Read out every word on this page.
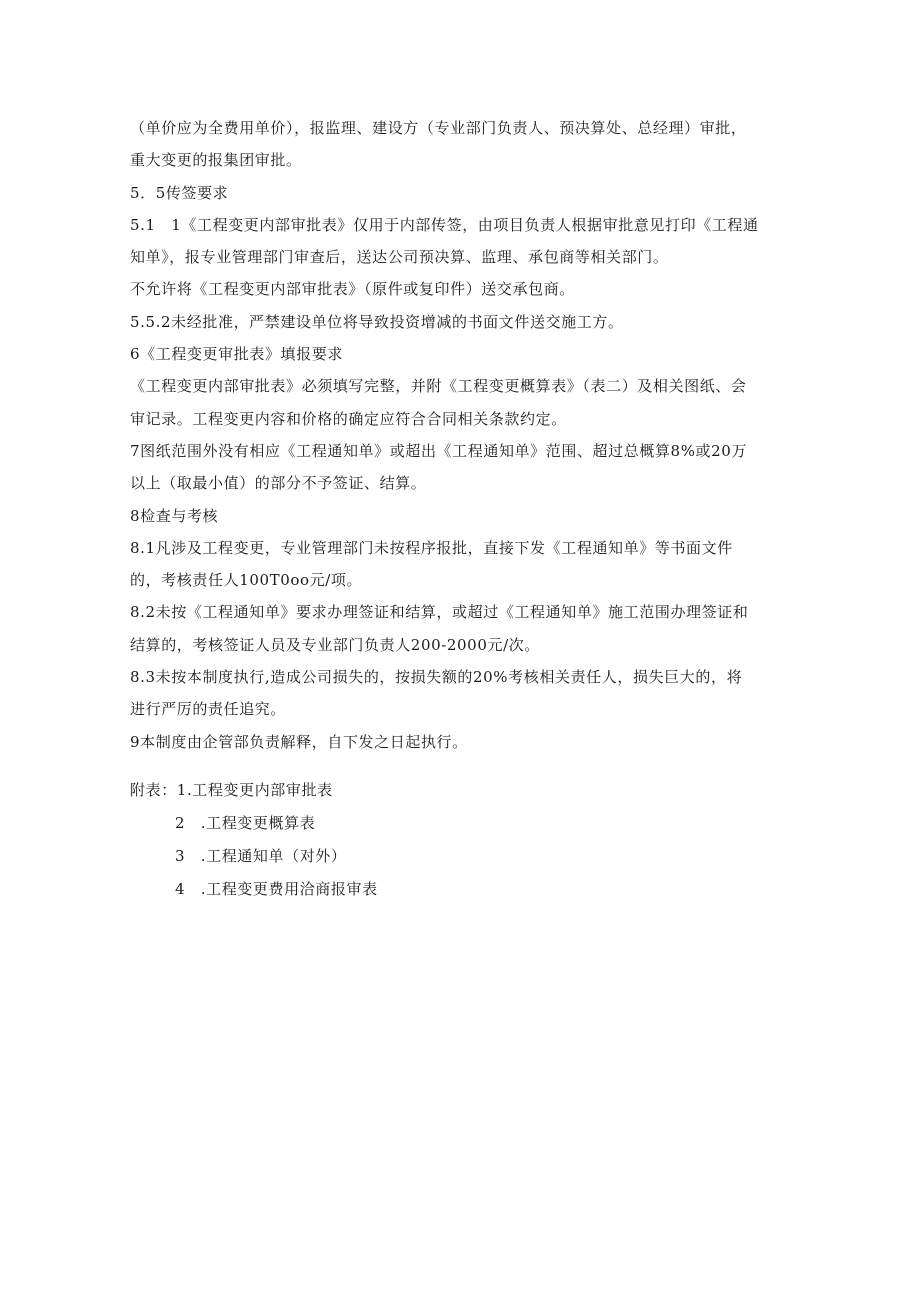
（单价应为全费用单价），报监理、建设方（专业部门负责人、预决算处、总经理）审批，
重大变更的报集团审批。
5．5传签要求
5.1　1《工程变更内部审批表》仅用于内部传签，由项目负责人根据审批意见打印《工程通
知单》，报专业管理部门审查后，送达公司预决算、监理、承包商等相关部门。
不允许将《工程变更内部审批表》（原件或复印件）送交承包商。
5.5.2未经批准，严禁建设单位将导致投资增减的书面文件送交施工方。
6《工程变更审批表》填报要求
《工程变更内部审批表》必须填写完整，并附《工程变更概算表》（表二）及相关图纸、会
审记录。工程变更内容和价格的确定应符合合同相关条款约定。
7图纸范围外没有相应《工程通知单》或超出《工程通知单》范围、超过总概算8%或20万
以上（取最小值）的部分不予签证、结算。
8检查与考核
8.1凡涉及工程变更，专业管理部门未按程序报批，直接下发《工程通知单》等书面文件
的，考核责任人100T0oo元/项。
8.2未按《工程通知单》要求办理签证和结算，或超过《工程通知单》施工范围办理签证和
结算的，考核签证人员及专业部门负责人200-2000元/次。
8.3未按本制度执行,造成公司损失的，按损失额的20%考核相关责任人，损失巨大的，将
进行严厉的责任追究。
9本制度由企管部负责解释，自下发之日起执行。
附表：1.工程变更内部审批表
2　.工程变更概算表
3　.工程通知单（对外）
4　.工程变更费用洽商报审表
